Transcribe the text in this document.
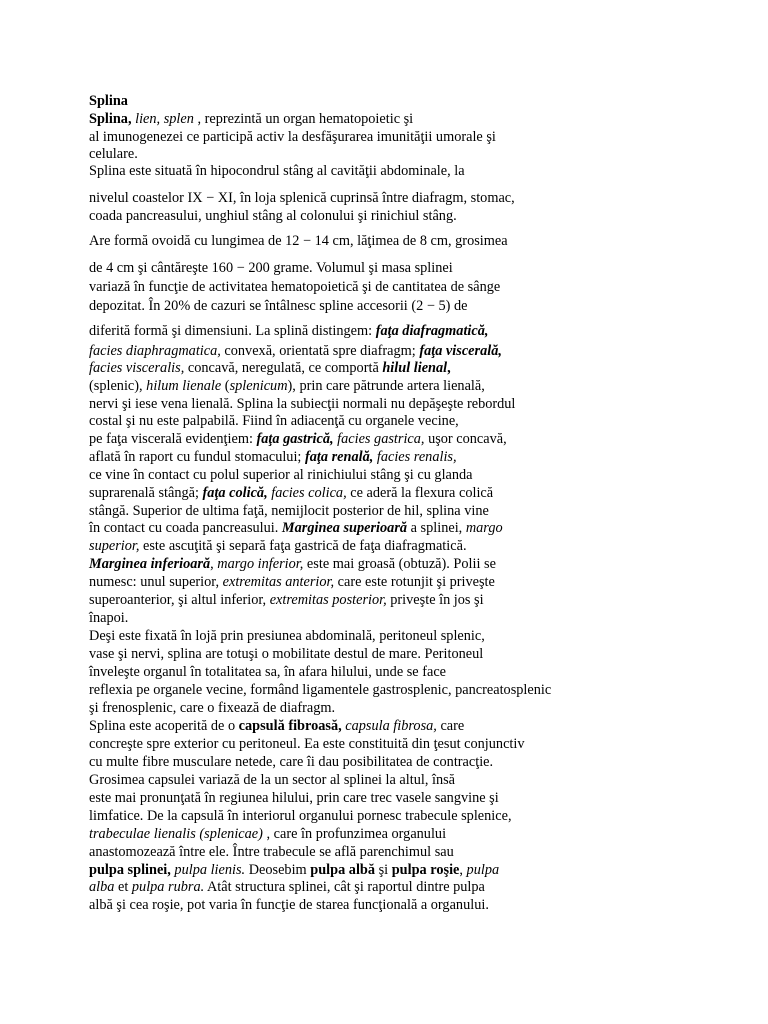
Splina

Splina, lien, splen , reprezintă un organ hematopoietic şi

al imunogenezei ce participă activ la desfăşurarea imunităţii umorale şi

celulare.

Splina este situată în hipocondrul stâng al cavităţii abdominale, la

nivelul coastelor IX − XI, în loja splenică cuprinsă între diafragm, stomac,

coada pancreasului, unghiul stâng al colonului şi rinichiul stâng.

Are formă ovoidă cu lungimea de 12 − 14 cm, lăţimea de 8 cm, grosimea

de 4 cm şi cântăreşte 160 − 200 grame. Volumul şi masa splinei

variază în funcţie de activitatea hematopoietică şi de cantitatea de sânge

depozitat. În 20% de cazuri se întâlnesc spline accesorii (2 − 5) de

diferită formă şi dimensiuni. La splină distingem: faţa diafragmatică,

facies diaphragmatica, convexă, orientată spre diafragm; faţa viscerală,

facies visceralis, concavă, neregulată, ce comportă hilul lienal,

(splenic), hilum lienale (splenicum), prin care pătrunde artera lienală,

nervi şi iese vena lienală. Splina la subiecţii normali nu depăşeşte rebordul

costal şi nu este palpabilă. Fiind în adiacenţă cu organele vecine,

pe faţa viscerală evidenţiem: faţa gastrică, facies gastrica, uşor concavă,

aflată în raport cu fundul stomacului; faţa renală, facies renalis,

ce vine în contact cu polul superior al rinichiului stâng şi cu glanda

suprarenală stângă; faţa colică, facies colica, ce aderă la flexura colică

stângă. Superior de ultima faţă, nemijlocit posterior de hil, splina vine

în contact cu coada pancreasului. Marginea superioară a splinei, margo

superior, este ascuţită şi separă faţa gastrică de faţa diafragmatică.

Marginea inferioară, margo inferior, este mai groasă (obtuză). Polii se

numesc: unul superior, extremitas anterior, care este rotunjit şi priveşte

superoanterior, şi altul inferior, extremitas posterior, priveşte în jos şi

înapoi.

Deşi este fixată în lojă prin presiunea abdominală, peritoneul splenic,

vase şi nervi, splina are totuşi o mobilitate destul de mare. Peritoneul

înveleşte organul în totalitatea sa, în afara hilului, unde se face

reflexia pe organele vecine, formând ligamentele gastrosplenic, pancreatosplenic

şi frenosplenic, care o fixează de diafragm.

Splina este acoperită de o capsulă fibroasă, capsula fibrosa, care

concreşte spre exterior cu peritoneul. Ea este constituită din ţesut conjunctiv

cu multe fibre musculare netede, care îi dau posibilitatea de contracţie.

Grosimea capsulei variază de la un sector al splinei la altul, însă

este mai pronunţată în regiunea hilului, prin care trec vasele sangvine şi

limfatice. De la capsulă în interiorul organului pornesc trabecule splenice,

trabeculae lienalis (splenicae) , care în profunzimea organului

anastomozează între ele. Între trabecule se află parenchimul sau

pulpa splinei, pulpa lienis. Deosebim pulpa albă şi pulpa roşie, pulpa

alba et pulpa rubra. Atât structura splinei, cât şi raportul dintre pulpa

albă şi cea roşie, pot varia în funcţie de starea funcţională a organului.
